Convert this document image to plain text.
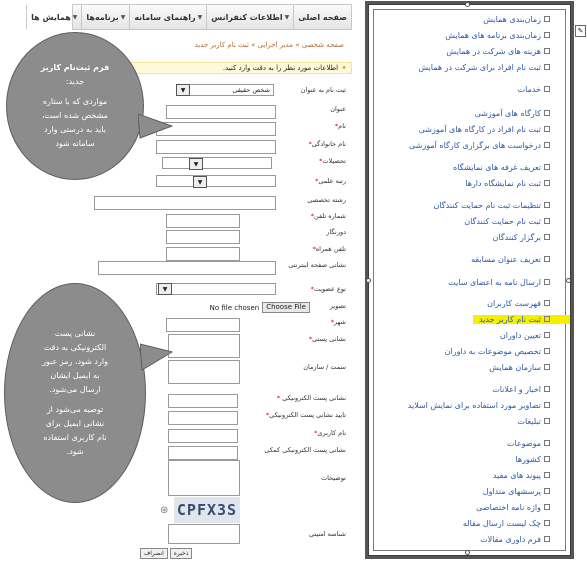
صفحه اصلی
اطلاعات کنفرانس ▼
راهنمای سامانه ▼
برنامه‌ها ▼
همایش ها ▼
صفحه شخصی » مدیر اجرایی » ثبت نام کاربر جدید
✦اطلاعات مورد نظر را به دقت وارد کنید.
ثبت نام به عنوان
شخص حقیقی
▼
عنوان
نام*
نام خانوادگی*
تحصیلات*
▼
رتبه علمی*
▼
رشته تخصصی
شماره تلفن*
دورنگار
تلفن همراه*
نشانی صفحه اینترنتی
نوع عضویت*
▼
تصویر
No file chosen	Choose File
شهر*
نشانی پستی*
سمت / سازمان
نشانی پست الکترونیکی *
تایید نشانی پست الکترونیکی*
نام کاربری*
نشانی پست الکترونیکی کمکی
توضیحات
CPFX3S
⊛
شناسه امنیتی
انصراف	ذخیره
فرم ثبت‌نام کاربر
جدید:
مواردی که با ستاره
مشخص شده است،
باید به درستی وارد
سامانه شود
نشانی پست
الکترونیکی به دقت
وارد شود، رمز عبور
به ایمیل ایشان
ارسال می‌شود.
توصیه می‌شود از
نشانی ایمیل برای
نام کاربری استفاده
شود.
زمان‌بندی همایش
زمان‌بندی برنامه های همایش
هزینه های شرکت در همایش
ثبت نام افراد برای شرکت در همایش
خدمات
کارگاه های آموزشی
ثبت نام افراد در کارگاه های آموزشی
درخواست های برگزاری کارگاه آموزشی
تعریف غرفه های نمایشگاه
ثبت نام نمایشگاه دارها
تنظیمات ثبت نام حمایت کنندگان
ثبت نام حمایت کنندگان
برگزار کنندگان
تعریف عنوان مسابقه
ارسال نامه به اعضای سایت
فهرست کاربران
ثبت نام کاربر جدید
تعیین داوران
تخصیص موضوعات به داوران
سازمان همایش
اخبار و اعلانات
تصاویر مورد استفاده برای نمایش اسلاید
تبلیغات
موضوعات
کشورها
پیوند های مفید
پرسشهای متداول
واژه نامه اختصاصی
چک لیست ارسال مقاله
فرم داوری مقالات
✎
